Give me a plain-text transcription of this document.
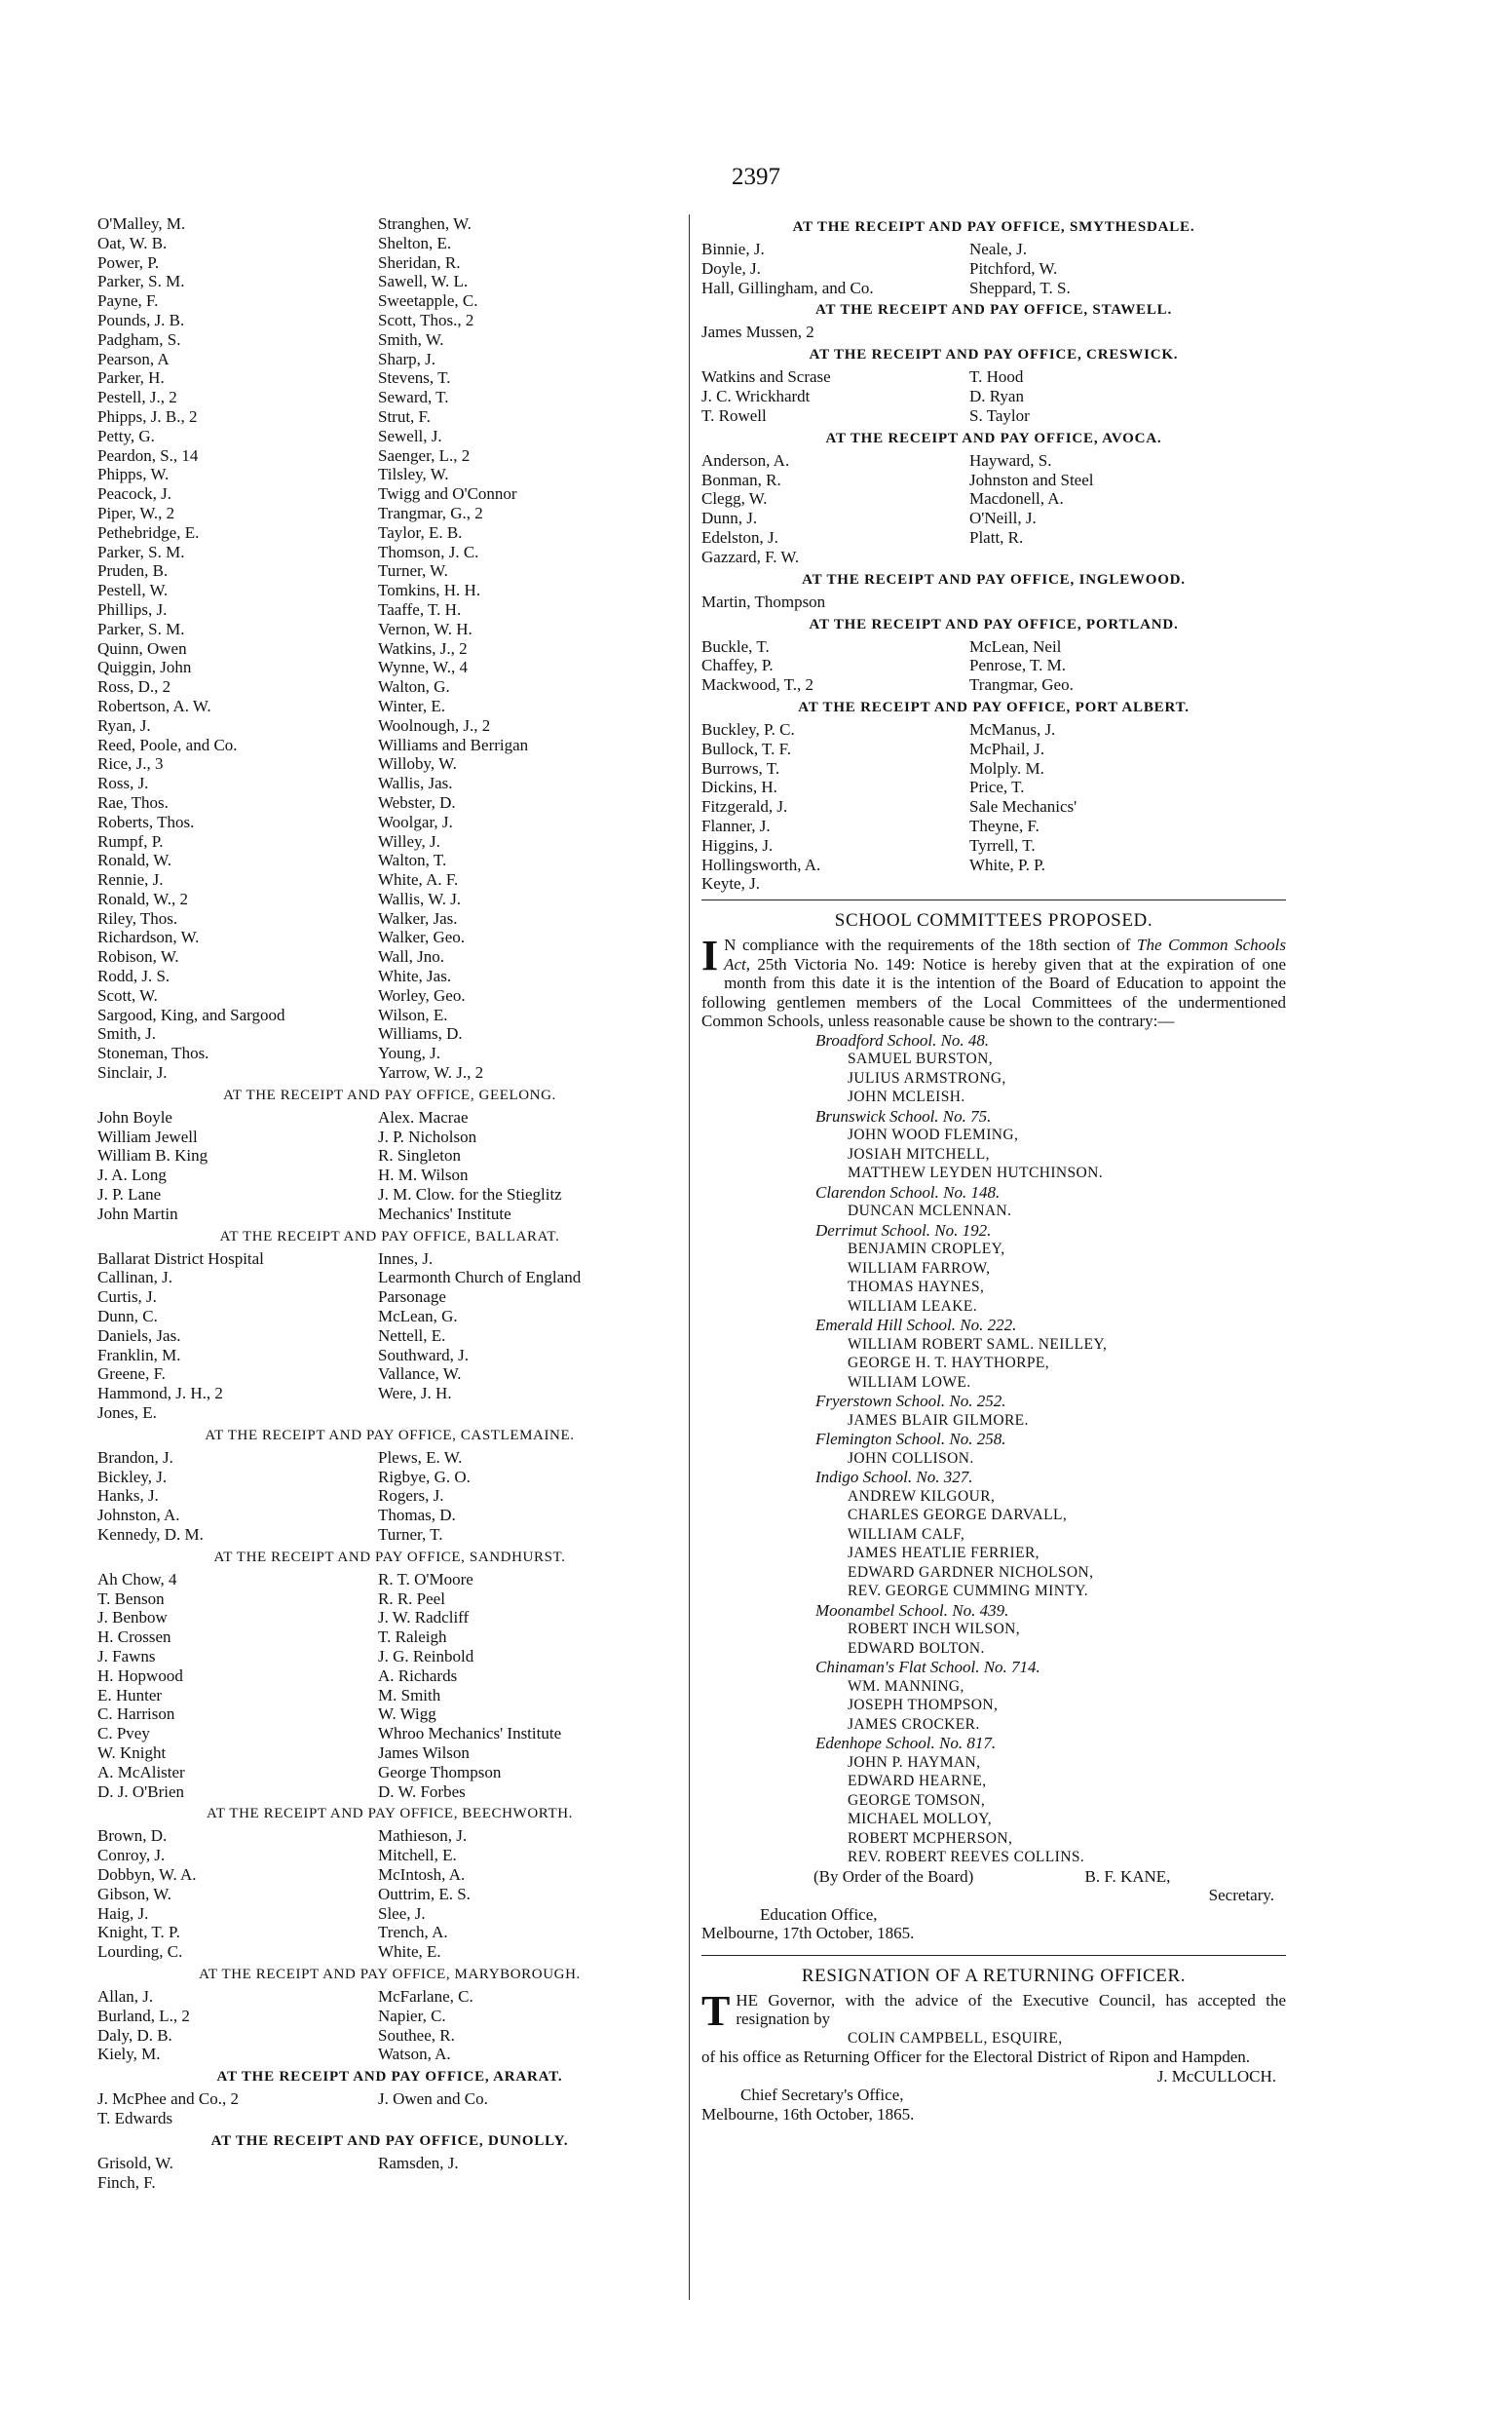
2397
O'Malley, M.	Stranghen, W.
Oat, W. B.	Shelton, E.
Power, P.	Sheridan, R.
Parker, S. M.	Sawell, W. L.
Payne, F.	Sweetapple, C.
Pounds, J. B.	Scott, Thos., 2
Padgham, S.	Smith, W.
Pearson, A	Sharp, J.
Parker, H.	Stevens, T.
Pestell, J., 2	Seward, T.
Phipps, J. B., 2	Strut, F.
Petty, G.	Sewell, J.
Peardon, S., 14	Saenger, L., 2
Phipps, W.	Tilsley, W.
Peacock, J.	Twigg and O'Connor
Piper, W., 2	Trangmar, G., 2
Pethebridge, E.	Taylor, E. B.
Parker, S. M.	Thomson, J. C.
Pruden, B.	Turner, W.
Pestell, W.	Tomkins, H. H.
Phillips, J.	Taaffe, T. H.
Parker, S. M.	Vernon, W. H.
Quinn, Owen	Watkins, J., 2
Quiggin, John	Wynne, W., 4
Ross, D., 2	Walton, G.
Robertson, A. W.	Winter, E.
Ryan, J.	Woolnough, J., 2
Reed, Poole, and Co.	Williams and Berrigan
Rice, J., 3	Willoby, W.
Ross, J.	Wallis, Jas.
Rae, Thos.	Webster, D.
Roberts, Thos.	Woolgar, J.
Rumpf, P.	Willey, J.
Ronald, W.	Walton, T.
Rennie, J.	White, A. F.
Ronald, W., 2	Wallis, W. J.
Riley, Thos.	Walker, Jas.
Richardson, W.	Walker, Geo.
Robison, W.	Wall, Jno.
Rodd, J. S.	White, Jas.
Scott, W.	Worley, Geo.
Sargood, King, and Sargood	Wilson, E.
Smith, J.	Williams, D.
Stoneman, Thos.	Young, J.
Sinclair, J.	Yarrow, W. J., 2
AT THE RECEIPT AND PAY OFFICE, GEELONG.
John Boyle	Alex. Macrae
William Jewell	J. P. Nicholson
William B. King	R. Singleton
J. A. Long	H. M. Wilson
J. P. Lane	J. M. Clow. for the Stieglitz
John Martin	Mechanics' Institute
AT THE RECEIPT AND PAY OFFICE, BALLARAT.
Ballarat District Hospital	Innes, J.
Callinan, J.	Learmonth Church of England
Curtis, J.	Parsonage
Dunn, C.	McLean, G.
Daniels, Jas.	Nettell, E.
Franklin, M.	Southward, J.
Greene, F.	Vallance, W.
Hammond, J. H., 2	Were, J. H.
Jones, E.
AT THE RECEIPT AND PAY OFFICE, CASTLEMAINE.
Brandon, J.	Plews, E. W.
Bickley, J.	Rigbye, G. O.
Hanks, J.	Rogers, J.
Johnston, A.	Thomas, D.
Kennedy, D. M.	Turner, T.
AT THE RECEIPT AND PAY OFFICE, SANDHURST.
Ah Chow, 4	R. T. O'Moore
T. Benson	R. R. Peel
J. Benbow	J. W. Radcliff
H. Crossen	T. Raleigh
J. Fawns	J. G. Reinbold
H. Hopwood	A. Richards
E. Hunter	M. Smith
C. Harrison	W. Wigg
C. Pvey	Whroo Mechanics' Institute
W. Knight	James Wilson
A. McAlister	George Thompson
D. J. O'Brien	D. W. Forbes
AT THE RECEIPT AND PAY OFFICE, BEECHWORTH.
Brown, D.	Mathieson, J.
Conroy, J.	Mitchell, E.
Dobbyn, W. A.	McIntosh, A.
Gibson, W.	Outtrim, E. S.
Haig, J.	Slee, J.
Knight, T. P.	Trench, A.
Lourding, C.	White, E.
AT THE RECEIPT AND PAY OFFICE, MARYBOROUGH.
Allan, J.	McFarlane, C.
Burland, L., 2	Napier, C.
Daly, D. B.	Southee, R.
Kiely, M.	Watson, A.
AT THE RECEIPT AND PAY OFFICE, ARARAT.
J. McPhee and Co., 2	J. Owen and Co.
T. Edwards
AT THE RECEIPT AND PAY OFFICE, DUNOLLY.
Grisold, W.	Ramsden, J.
Finch, F.
AT THE RECEIPT AND PAY OFFICE, SMYTHESDALE.
Binnie, J.	Neale, J.
Doyle, J.	Pitchford, W.
Hall, Gillingham, and Co.	Sheppard, T. S.
AT THE RECEIPT AND PAY OFFICE, STAWELL.
James Mussen, 2
AT THE RECEIPT AND PAY OFFICE, CRESWICK.
Watkins and Scrase	T. Hood
J. C. Wrickhardt	D. Ryan
T. Rowell	S. Taylor
AT THE RECEIPT AND PAY OFFICE, AVOCA.
Anderson, A.	Hayward, S.
Bonman, R.	Johnston and Steel
Clegg, W.	Macdonell, A.
Dunn, J.	O'Neill, J.
Edelston, J.	Platt, R.
Gazzard, F. W.
AT THE RECEIPT AND PAY OFFICE, INGLEWOOD.
Martin, Thompson
AT THE RECEIPT AND PAY OFFICE, PORTLAND.
Buckle, T.	McLean, Neil
Chaffey, P.	Penrose, T. M.
Mackwood, T., 2	Trangmar, Geo.
AT THE RECEIPT AND PAY OFFICE, PORT ALBERT.
Buckley, P. C.	McManus, J.
Bullock, T. F.	McPhail, J.
Burrows, T.	Molply. M.
Dickins, H.	Price, T.
Fitzgerald, J.	Sale Mechanics'
Flanner, J.	Theyne, F.
Higgins, J.	Tyrrell, T.
Hollingsworth, A.	White, P. P.
Keyte, J.
SCHOOL COMMITTEES PROPOSED.
I N compliance with the requirements of the 18th section of The Common Schools Act, 25th Victoria No. 149: Notice is hereby given that at the expiration of one month from this date it is the intention of the Board of Education to appoint the following gentlemen members of the Local Committees of the undermentioned Common Schools, unless reasonable cause be shown to the contrary:—
Broadford School. No. 48.
SAMUEL BURSTON,
JULIUS ARMSTRONG,
JOHN MCLEISH.
Brunswick School. No. 75.
JOHN WOOD FLEMING,
JOSIAH MITCHELL,
MATTHEW LEYDEN HUTCHINSON.
Clarendon School. No. 148.
DUNCAN MCLENNAN.
Derrimut School. No. 192.
BENJAMIN CROPLEY,
WILLIAM FARROW,
THOMAS HAYNES,
WILLIAM LEAKE.
Emerald Hill School. No. 222.
WILLIAM ROBERT SAML. NEILLEY,
GEORGE H. T. HAYTHORPE,
WILLIAM LOWE.
Fryerstown School. No. 252.
JAMES BLAIR GILMORE.
Flemington School. No. 258.
JOHN COLLISON.
Indigo School. No. 327.
ANDREW KILGOUR,
CHARLES GEORGE DARVALL,
WILLIAM CALF,
JAMES HEATLIE FERRIER,
EDWARD GARDNER NICHOLSON,
REV. GEORGE CUMMING MINTY.
Moonambel School. No. 439.
ROBERT INCH WILSON,
EDWARD BOLTON.
Chinaman's Flat School. No. 714.
WM. MANNING,
JOSEPH THOMPSON,
JAMES CROCKER.
Edenhope School. No. 817.
JOHN P. HAYMAN,
EDWARD HEARNE,
GEORGE TOMSON,
MICHAEL MOLLOY,
ROBERT MCPHERSON,
REV. ROBERT REEVES COLLINS.
(By Order of the Board)	B. F. KANE,
Secretary.
Education Office,
Melbourne, 17th October, 1865.
RESIGNATION OF A RETURNING OFFICER.
THE Governor, with the advice of the Executive Council, has accepted the resignation by
COLIN CAMPBELL, ESQUIRE,
of his office as Returning Officer for the Electoral District of Ripon and Hampden.
J. McCULLOCH.
Chief Secretary's Office,
Melbourne, 16th October, 1865.
